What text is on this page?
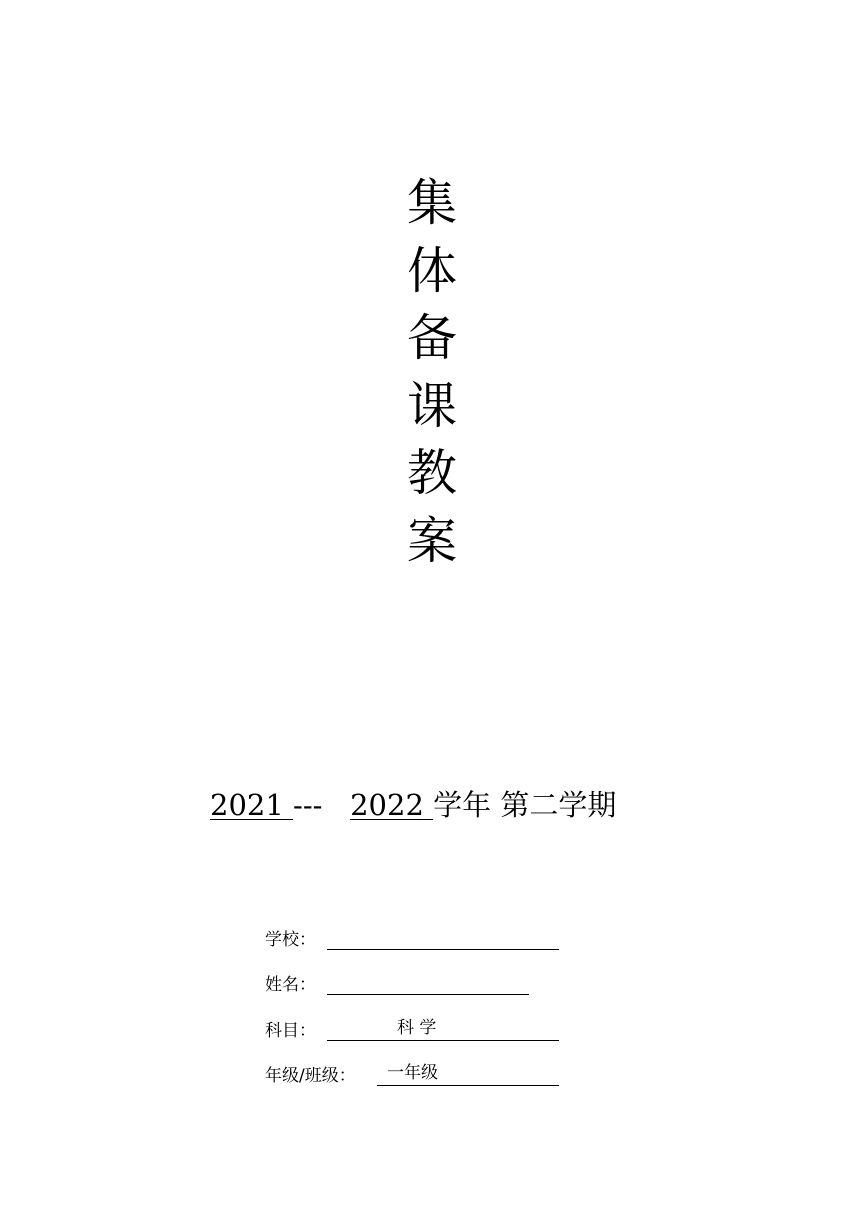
集
体
备
课
教
案
2021 --- 2022 学年 第二学期
学校：
姓名：
科目：	科 学
年级/班级： 一年级
